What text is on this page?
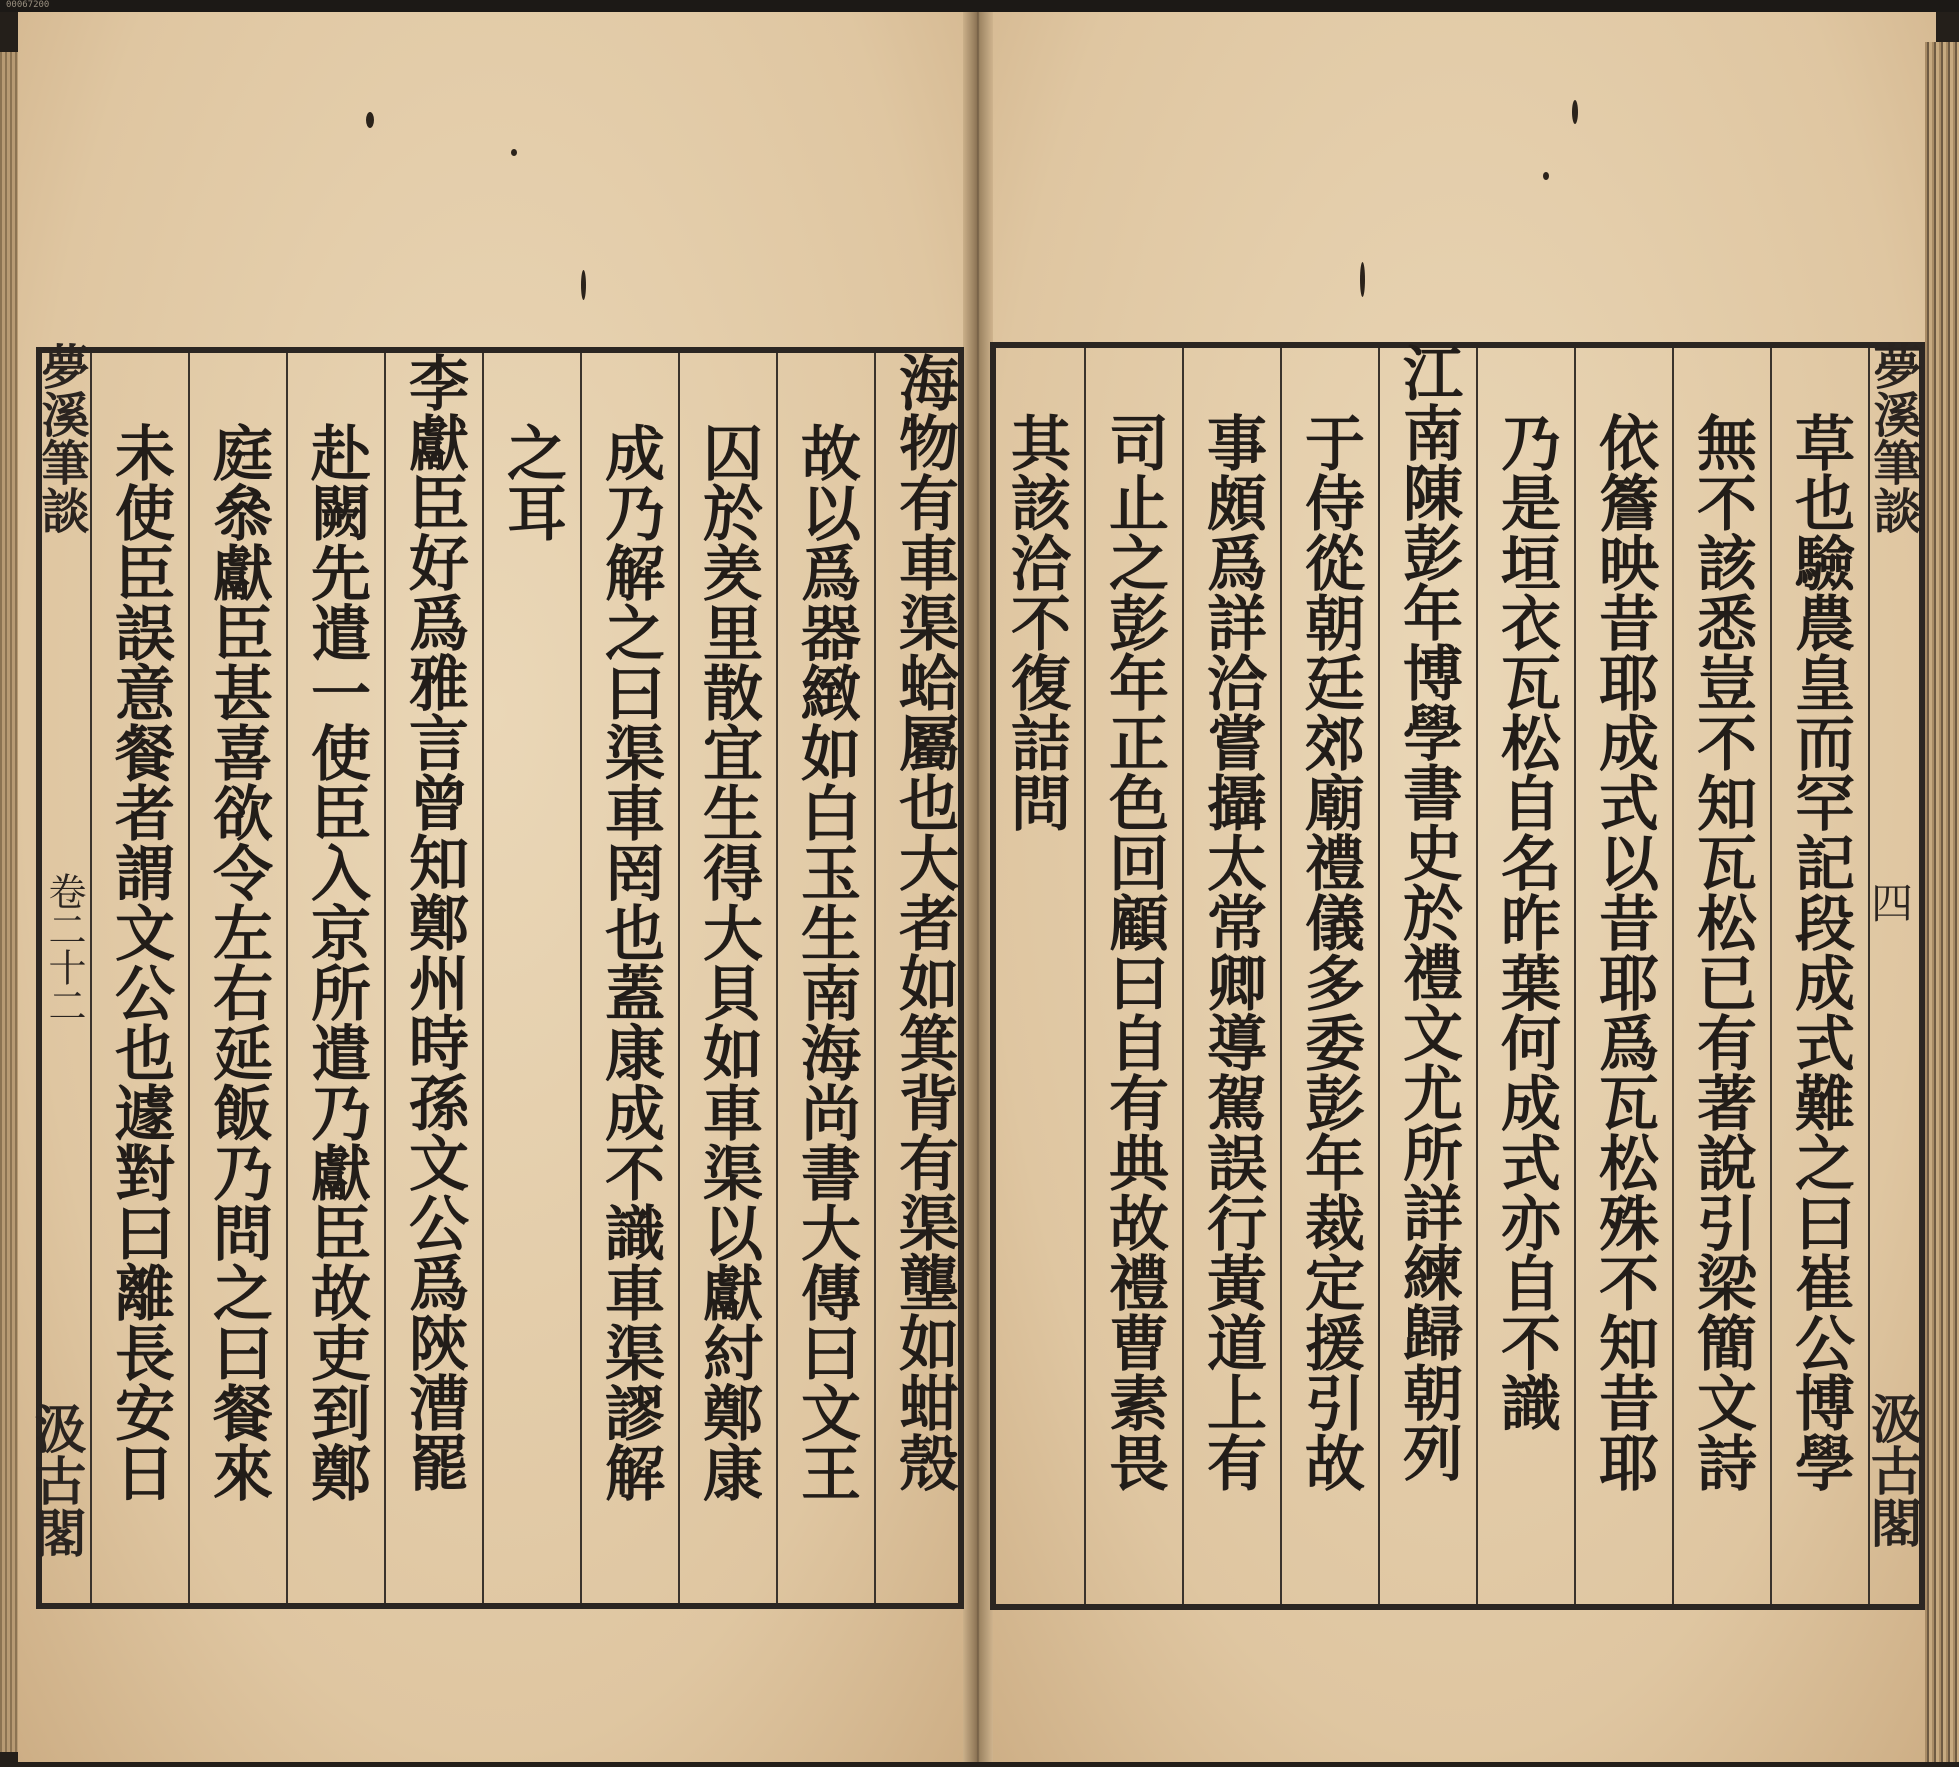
00067200
夢溪筆談
卷二十二
汲古閣	海物有車渠蛤屬也大者如箕背有渠壟如蚶殼
故以爲器緻如白玉生南海尚書大傳曰文王
囚於羑里散宜生得大貝如車渠以獻紂鄭康
成乃解之曰渠車罔也蓋康成不識車渠謬解
之耳
李獻臣好爲雅言曾知鄭州時孫文公爲陝漕罷
赴闕先遣一使臣入京所遣乃獻臣故吏到鄭
庭叅獻臣甚喜欲令左右延飯乃問之曰餐來
未使臣誤意餐者謂文公也遽對曰離長安日	夢溪筆談
四
汲古閣
草也驗農皇而罕記段成式難之曰崔公博學
無不該悉豈不知瓦松已有著說引梁簡文詩
依簷映昔耶成式以昔耶爲瓦松殊不知昔耶
乃是垣衣瓦松自名昨葉何成式亦自不識
江南陳彭年博學書史於禮文尤所詳練歸朝列
于侍從朝廷郊廟禮儀多委彭年裁定援引故
事頗爲詳洽嘗攝太常卿導駕誤行黃道上有
司止之彭年正色回顧曰自有典故禮曹素畏
其該洽不復詰問
